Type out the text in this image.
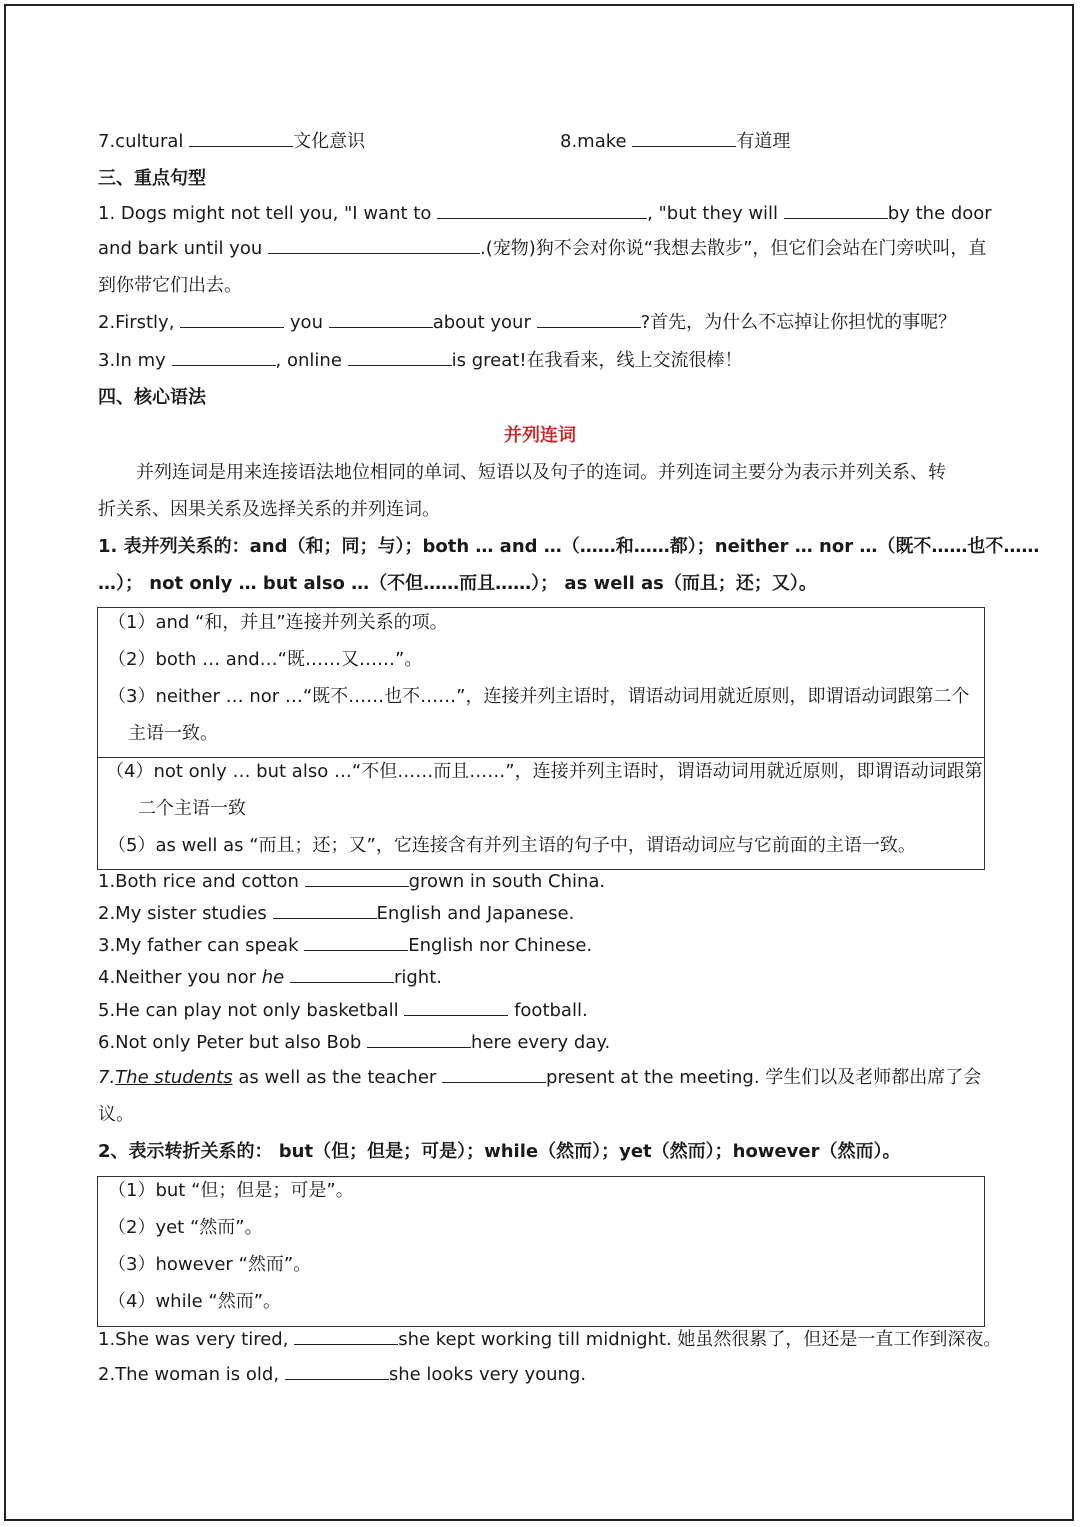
7.cultural	文化意识	8.make	有道理
三、重点句型
1. Dogs might not tell you, "I want to	, "but they will	by the door
and bark until you	.(宠物)狗不会对你说“我想去散步”，但它们会站在门旁吠叫，直
到你带它们出去。
2.Firstly,	you	about your	?首先，为什么不忘掉让你担忧的事呢？
3.In my	, online	is great!在我看来，线上交流很棒！
四、核心语法
并列连词
并列连词是用来连接语法地位相同的单词、短语以及句子的连词。并列连词主要分为表示并列关系、转
折关系、因果关系及选择关系的并列连词。
1. 表并列关系的：and（和；同；与）；both … and …（……和……都）；neither … nor …（既不……也不……
…）； not only … but also …（不但……而且……）； as well as（而且；还；又）。
（1）and “和，并且”连接并列关系的项。
（2）both … and…“既……又……”。
（3）neither … nor …“既不……也不……”，连接并列主语时，谓语动词用就近原则，即谓语动词跟第二个
主语一致。
（4）not only … but also …“不但……而且……”，连接并列主语时，谓语动词用就近原则，即谓语动词跟第
二个主语一致
（5）as well as “而且；还；又”，它连接含有并列主语的句子中，谓语动词应与它前面的主语一致。
1.Both rice and cotton	grown in south China.
2.My sister studies	English and Japanese.
3.My father can speak	English nor Chinese.
4.Neither you nor he	right.
5.He can play not only basketball	football.
6.Not only Peter but also Bob	here every day.
7.The students as well as the teacher	present at the meeting. 学生们以及老师都出席了会
议。
2、表示转折关系的： but（但；但是；可是）；while（然而）；yet（然而）；however（然而）。
（1）but “但；但是；可是”。
（2）yet “然而”。
（3）however “然而”。
（4）while “然而”。
1.She was very tired,	she kept working till midnight. 她虽然很累了，但还是一直工作到深夜。
2.The woman is old,	she looks very young.
